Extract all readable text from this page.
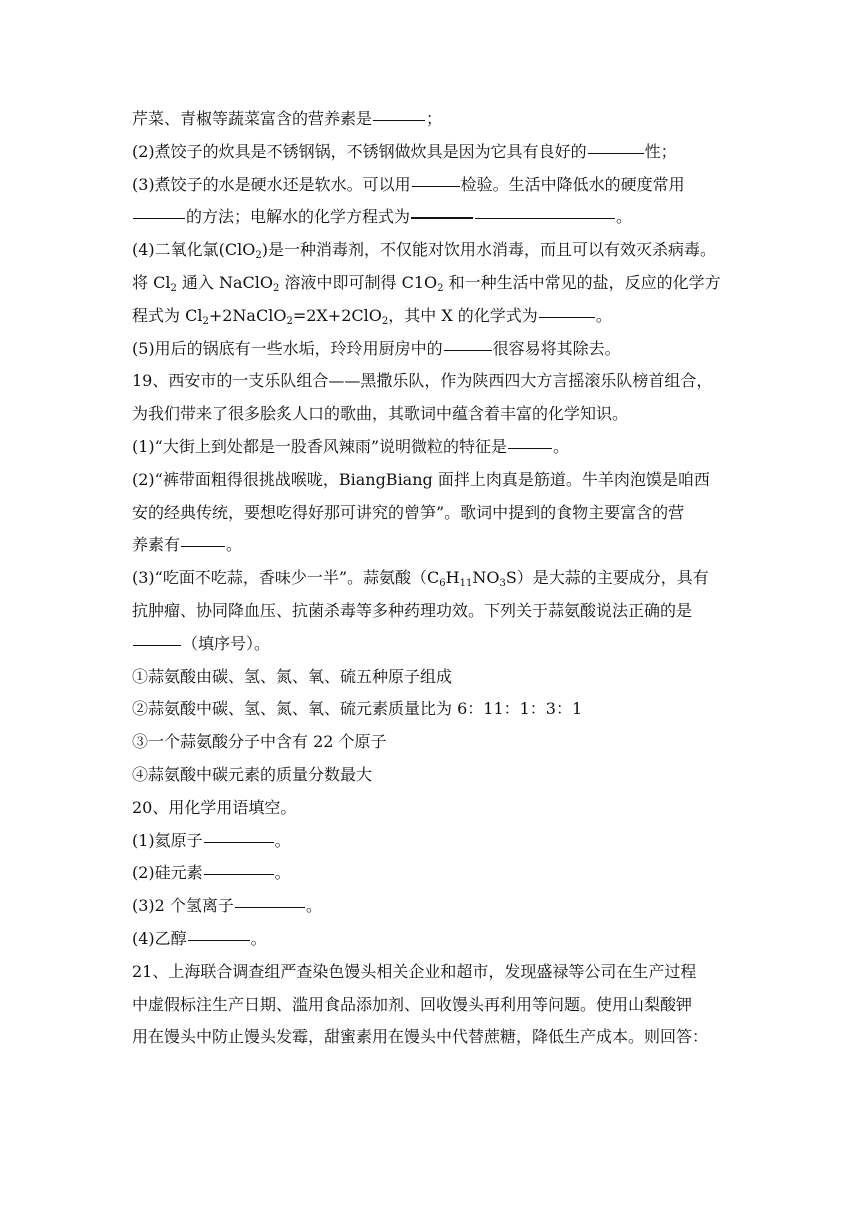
芹菜、青椒等蔬菜富含的营养素是	；
(2)煮饺子的炊具是不锈钢锅，不锈钢做炊具是因为它具有良好的	性；
(3)煮饺子的水是硬水还是软水。可以用	检验。生活中降低水的硬度常用
的方法；电解水的化学方程式为	。
(4)二氧化氯(ClO$_2$)是一种消毒剂，不仅能对饮用水消毒，而且可以有效灭杀病毒。
将 $Cl_2$ 通入 NaClO$_2$ 溶液中即可制得 $C1O_2$ 和一种生活中常见的盐，反应的化学方
程式为 $Cl_2+2NaClO_2=2X+2ClO_2$，其中 X 的化学式为	。
(5)用后的锅底有一些水垢，玲玲用厨房中的	很容易将其除去。
19、西安市的一支乐队组合——黑撒乐队，作为陕西四大方言摇滚乐队榜首组合，
为我们带来了很多脍炙人口的歌曲，其歌词中蕴含着丰富的化学知识。
(1)“大街上到处都是一股香风辣雨”说明微粒的特征是	。
(2)“裤带面粗得很挑战喉咙，BiangBiang 面拌上肉真是筋道。牛羊肉泡馍是咱西
安的经典传统，要想吃得好那可讲究的曾笋”。歌词中提到的食物主要富含的营
养素有	。
(3)“吃面不吃蒜，香味少一半”。蒜氨酸$(C_6H_{11}NO_3S)$是大蒜的主要成分，具有
抗肿瘤、协同降血压、抗菌杀毒等多种药理功效。下列关于蒜氨酸说法正确的是
（填序号）。
①蒜氨酸由碳、氢、氮、氧、硫五种原子组成
②蒜氨酸中碳、氢、氮、氧、硫元素质量比为 6：11：1：3：1
③一个蒜氨酸分子中含有 22 个原子
④蒜氨酸中碳元素的质量分数最大
20、用化学用语填空。
(1)氦原子	。
(2)硅元素	。
(3)2 个氢离子	。
(4)乙醇	。
21、上海联合调查组严查染色馒头相关企业和超市，发现盛禄等公司在生产过程
中虚假标注生产日期、滥用食品添加剂、回收馒头再利用等问题。使用山梨酸钾
用在馒头中防止馒头发霉，甜蜜素用在馒头中代替蔗糖，降低生产成本。则回答：
